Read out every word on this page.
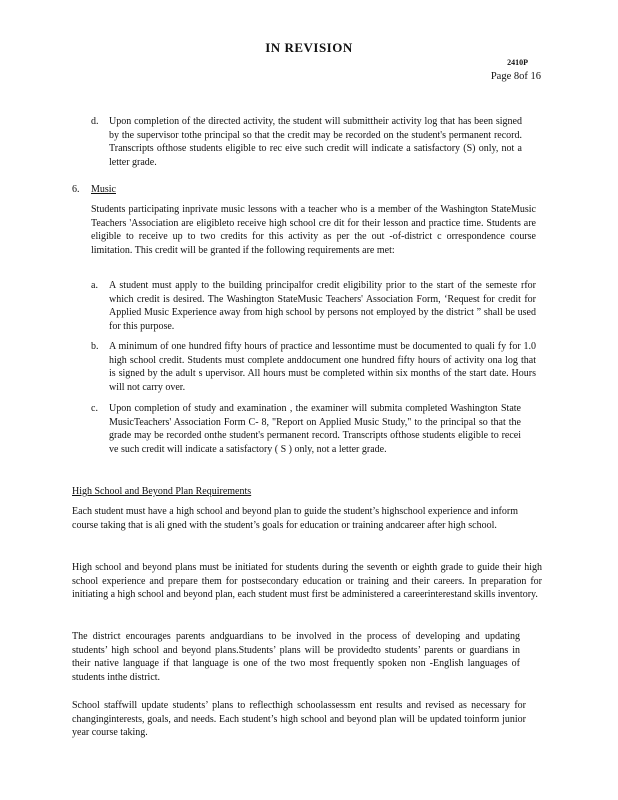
IN REVISION
2410P
Page 8of 16
d. Upon completion of the directed activity, the student will submittheir activity log that has been signed by the supervisor tothe principal so that the credit may be recorded on the student's permanent record. Transcripts ofthose students eligible to rec eive such credit will indicate a satisfactory (S) only, not a letter grade.

6. Music

Students participating inprivate music lessons with a teacher who is a member of the Washington StateMusic Teachers 'Association are eligibleto receive high school cre dit for their lesson and practice time. Students are eligible to receive up to two credits for this activity as per the out -of-district c orrespondence course limitation. This credit will be granted if the following requirements are met:

a. A student must apply to the building principalfor credit eligibility prior to the start of the semeste rfor which credit is desired. The Washington StateMusic Teachers' Association Form, ‘Request for credit for Applied Music Experience away from high school by persons not employed by the district ” shall be used for this purpose.

b. A minimum of one hundred fifty hours of practice and lessontime must be documented to quali fy for 1.0 high school credit. Students must complete anddocument one hundred fifty hours of activity ona log that is signed by the adult s upervisor. All hours must be completed within six months of the start date. Hours will not carry over.

c. Upon completion of study and examination , the examiner will submita completed Washington State MusicTeachers' Association Form C- 8, "Report on Applied Music Study," to the principal so that the grade may be recorded onthe student's permanent record. Transcripts ofthose students eligible to recei ve such credit will indicate a satisfactory ( S ) only, not a letter grade.

High School and Beyond Plan Requirements

Each student must have a high school and beyond plan to guide the student’s highschool experience and inform course taking that is ali gned with the student’s goals for education or training andcareer after high school.

High school and beyond plans must be initiated for students during the seventh or eighth grade to guide their high school experience and prepare them for postsecondary education or training and their careers. In preparation for initiating a high school and beyond plan, each student must first be administered a careerinterestand skills inventory.

The district encourages parents andguardians to be involved in the process of developing and updating students’ high school and beyond plans.Students’ plans will be providedto students’ parents or guardians in their native language if that language is one of the two most frequently spoken non -English languages of students inthe district.

School staffwill update students’ plans to reflecthigh schoolassessm ent results and revised as necessary for changinginterests, goals, and needs. Each student’s high school and beyond plan will be updated toinform junior year course taking.
